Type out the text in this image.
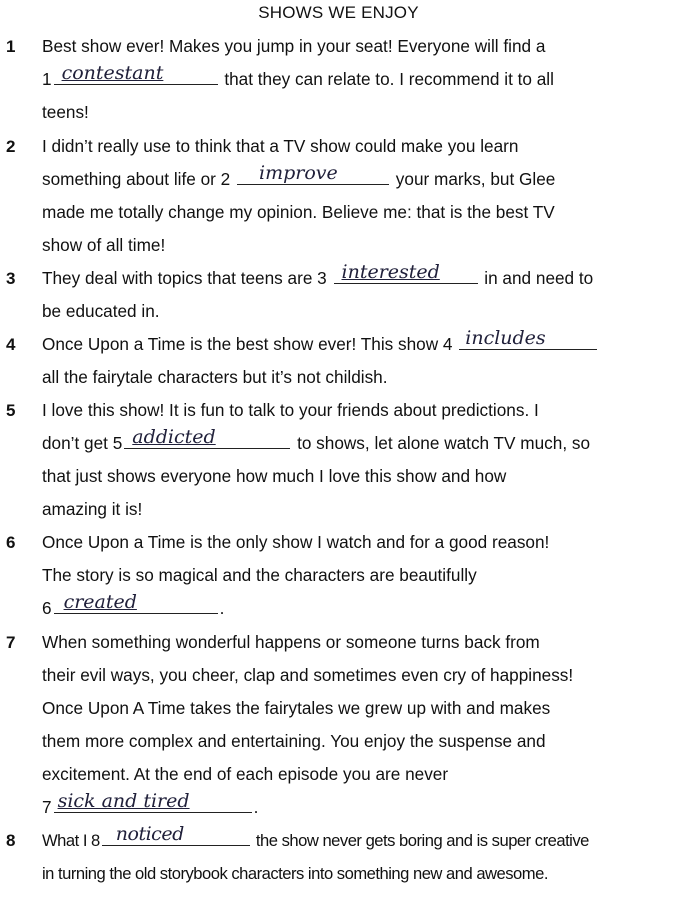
SHOWS WE ENJOY
1 Best show ever! Makes you jump in your seat! Everyone will find a
1 contestant	that they can relate to. I recommend it to all
teens!
2 I didn’t really use to think that a TV show could make you learn
something about life or 2 improve	your marks, but Glee
made me totally change my opinion. Believe me: that is the best TV
show of all time!
3 They deal with topics that teens are 3 interested	in and need to
be educated in.
4 Once Upon a Time is the best show ever! This show 4 includes
all the fairytale characters but it’s not childish.
5 I love this show! It is fun to talk to your friends about predictions. I
don’t get 5 addicted	to shows, let alone watch TV much, so
that just shows everyone how much I love this show and how
amazing it is!
6 Once Upon a Time is the only show I watch and for a good reason!
The story is so magical and the characters are beautifully
6 created	.
7 When something wonderful happens or someone turns back from
their evil ways, you cheer, clap and sometimes even cry of happiness!
Once Upon A Time takes the fairytales we grew up with and makes
them more complex and entertaining. You enjoy the suspense and
excitement. At the end of each episode you are never
7 sick and tired	.
8 What I 8 noticed	the show never gets boring and is super creative
in turning the old storybook characters into something new and awesome.
